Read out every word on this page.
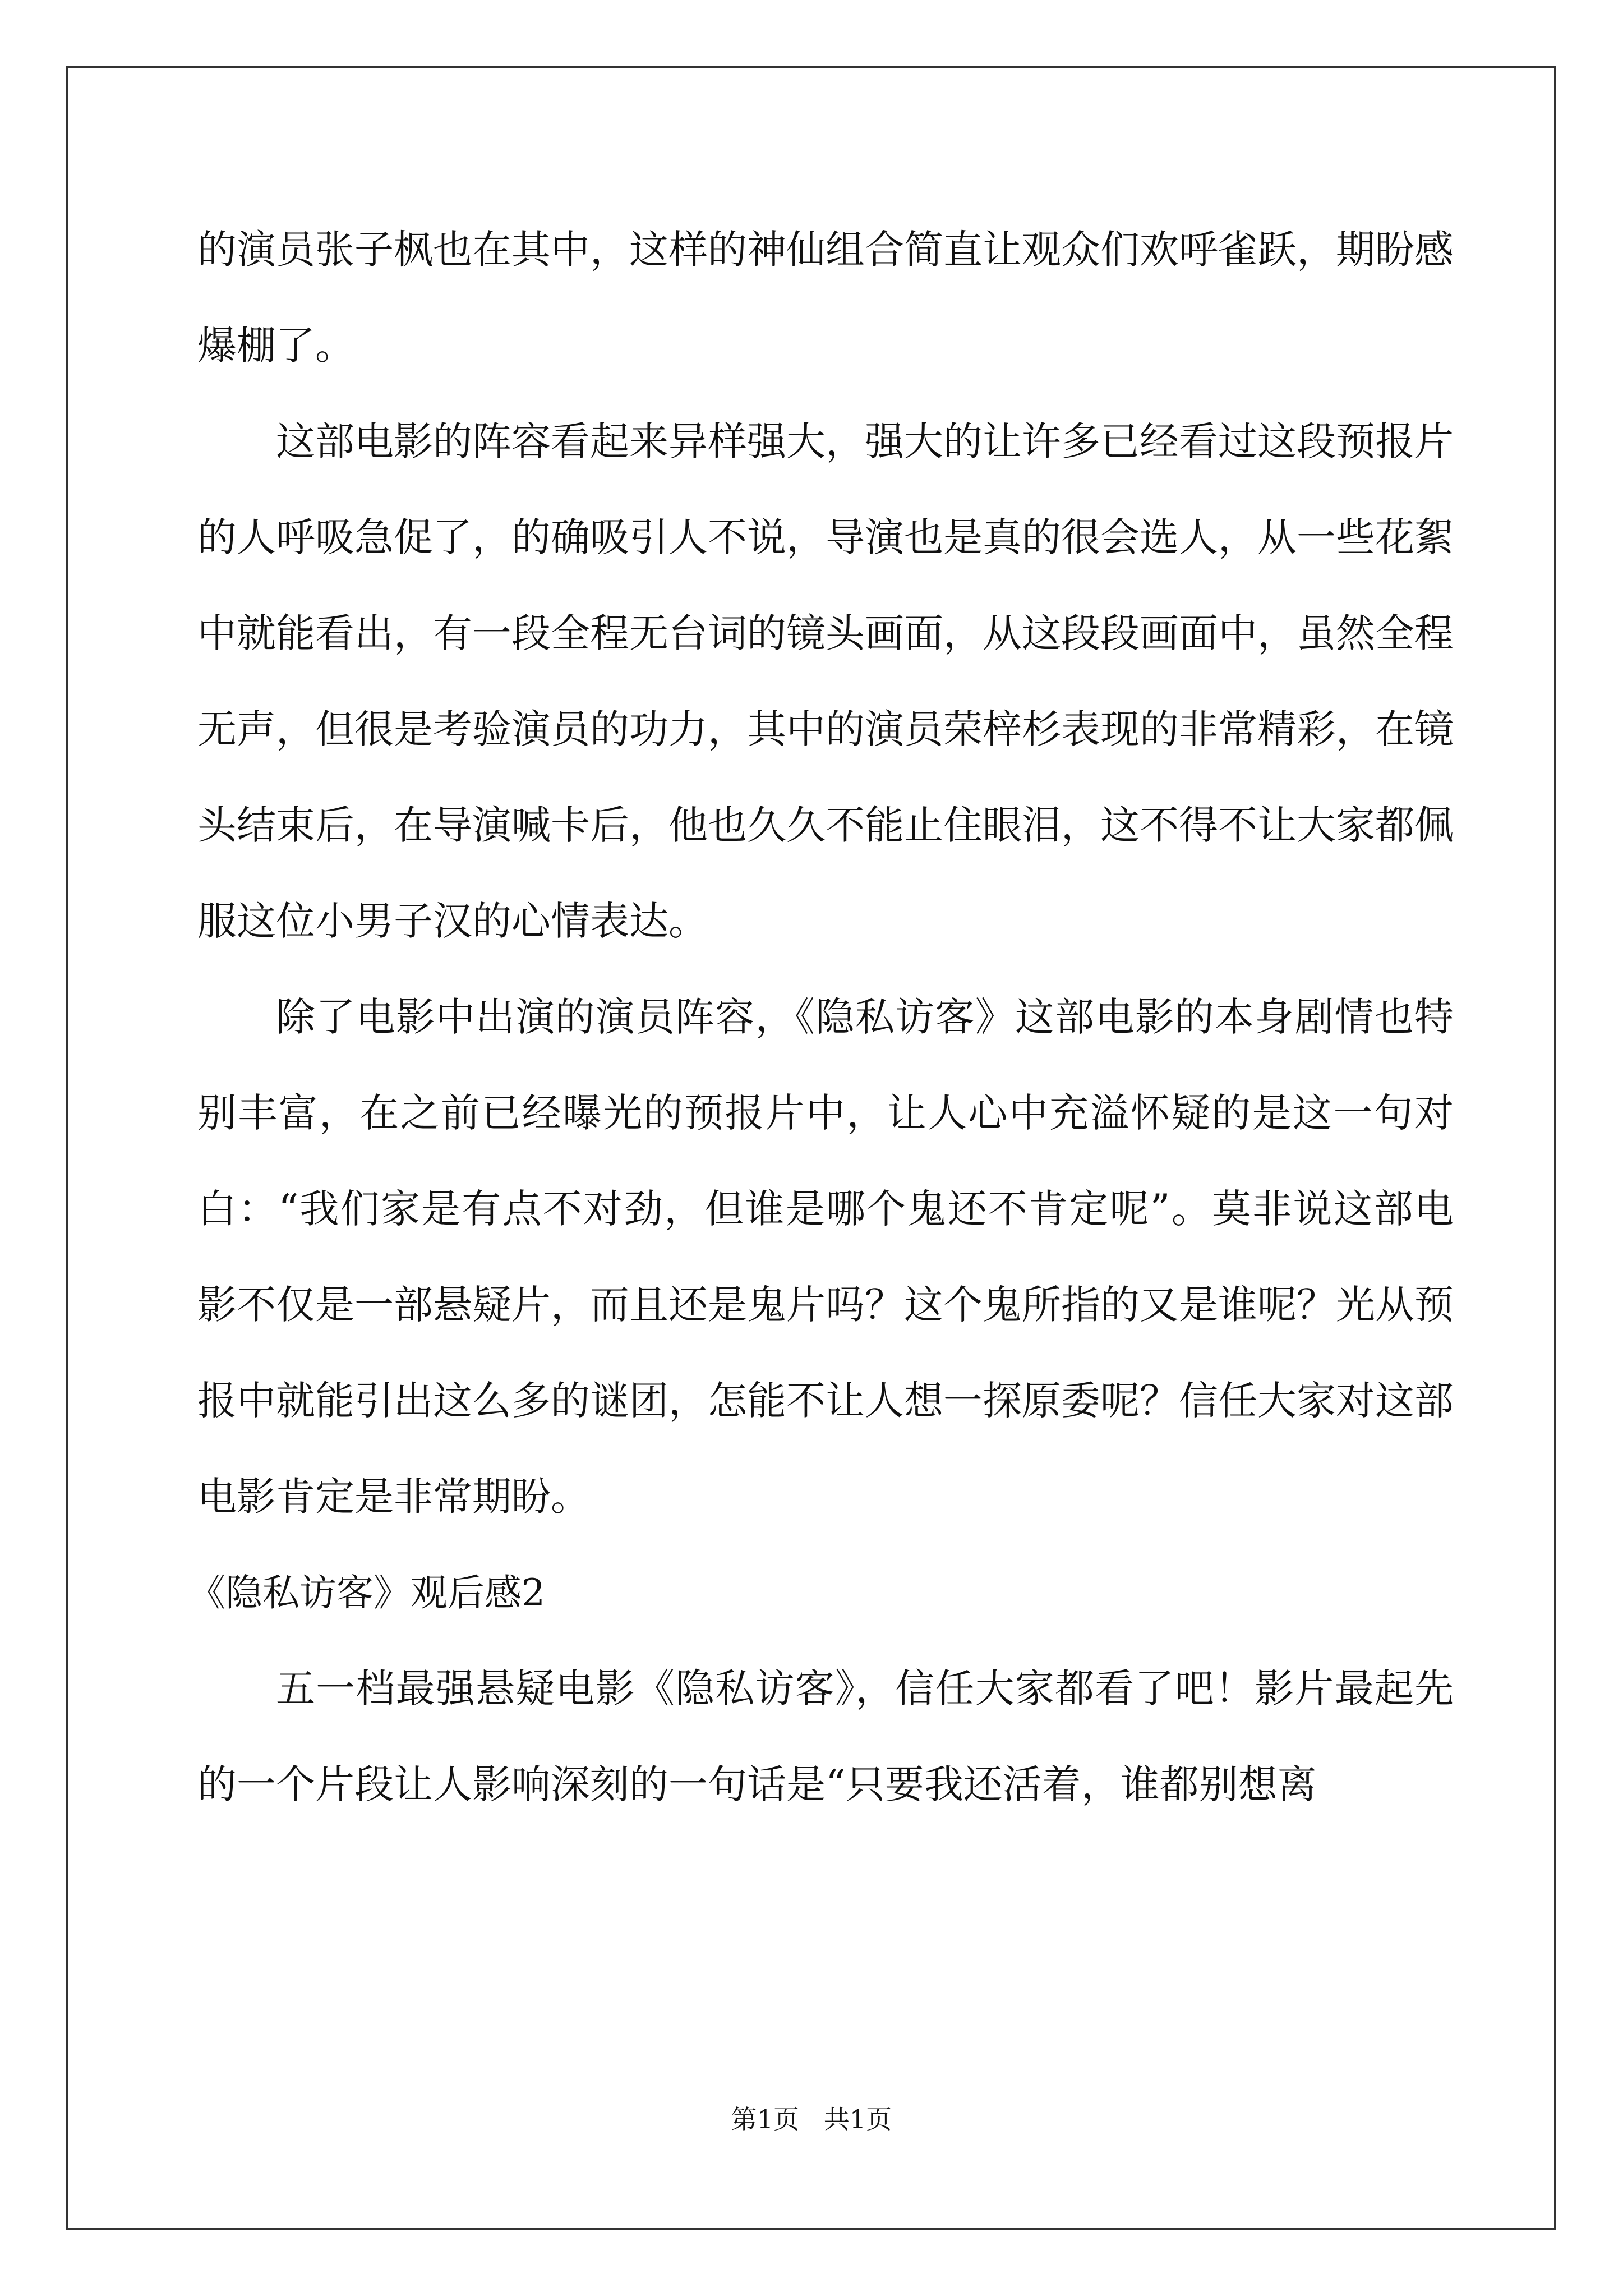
的演员张子枫也在其中，这样的神仙组合简直让观众们欢呼雀跃，期盼感爆棚了。

这部电影的阵容看起来异样强大，强大的让许多已经看过这段预报片的人呼吸急促了，的确吸引人不说，导演也是真的很会选人，从一些花絮中就能看出，有一段全程无台词的镜头画面，从这段段画面中，虽然全程无声，但很是考验演员的功力，其中的演员荣梓杉表现的非常精彩，在镜头结束后，在导演喊卡后，他也久久不能止住眼泪，这不得不让大家都佩服这位小男子汉的心情表达。

除了电影中出演的演员阵容，《隐私访客》这部电影的本身剧情也特别丰富，在之前已经曝光的预报片中，让人心中充溢怀疑的是这一句对白：“我们家是有点不对劲，但谁是哪个鬼还不肯定呢”。莫非说这部电影不仅是一部悬疑片，而且还是鬼片吗？这个鬼所指的又是谁呢？光从预报中就能引出这么多的谜团，怎能不让人想一探原委呢？信任大家对这部电影肯定是非常期盼。

《隐私访客》观后感2

五一档最强悬疑电影《隐私访客》，信任大家都看了吧！影片最起先的一个片段让人影响深刻的一句话是“只要我还活着，谁都别想离

第1页   共1页
